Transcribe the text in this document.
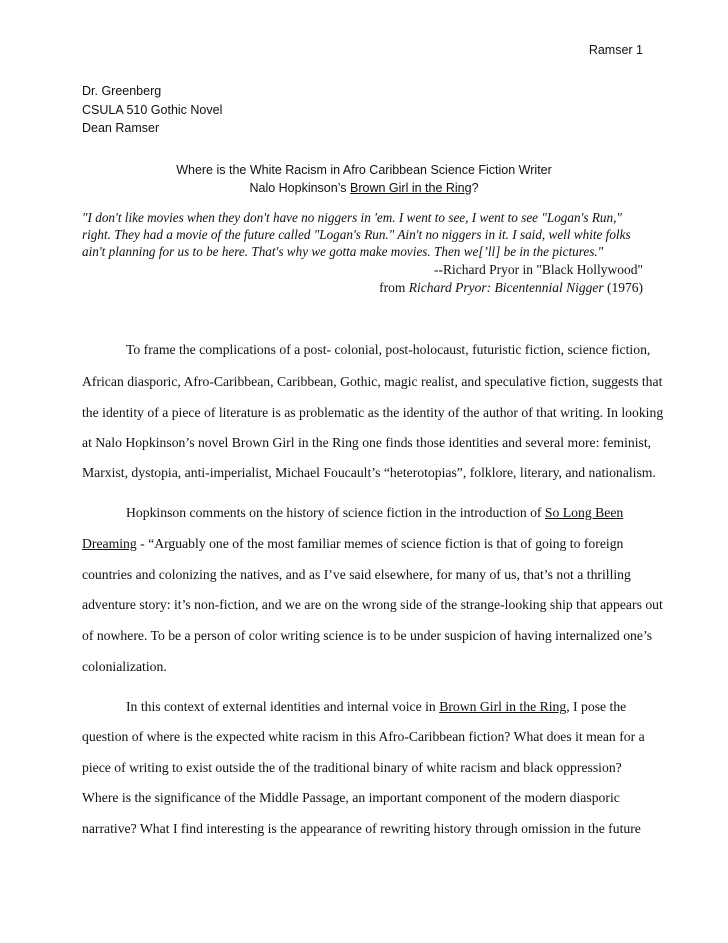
Ramser 1
Dr. Greenberg
CSULA 510 Gothic Novel
Dean Ramser
Where is the White Racism in Afro Caribbean Science Fiction Writer
Nalo Hopkinson’s Brown Girl in the Ring?
"I don't like movies when they don't have no niggers in 'em. I went to see, I went to see "Logan's Run,"
right. They had a movie of the future called "Logan's Run." Ain't no niggers in it. I said, well white folks
ain't planning for us to be here. That's why we gotta make movies. Then we[’ll] be in the pictures."
--Richard Pryor in "Black Hollywood"
from Richard Pryor: Bicentennial Nigger (1976)
To frame the complications of a post- colonial, post-holocaust, futuristic fiction, science fiction,
African diasporic, Afro-Caribbean, Caribbean, Gothic, magic realist, and speculative fiction, suggests that
the identity of a piece of literature is as problematic as the identity of the author of that writing. In looking
at Nalo Hopkinson’s novel Brown Girl in the Ring one finds those identities and several more: feminist,
Marxist, dystopia, anti-imperialist, Michael Foucault’s “heterotopias”, folklore, literary, and nationalism.
Hopkinson comments on the history of science fiction in the introduction of So Long Been
Dreaming - “Arguably one of the most familiar memes of science fiction is that of going to foreign
countries and colonizing the natives, and as I’ve said elsewhere, for many of us, that’s not a thrilling
adventure story: it’s non-fiction, and we are on the wrong side of the strange-looking ship that appears out
of nowhere. To be a person of color writing science is to be under suspicion of having internalized one’s
colonialization.
In this context of external identities and internal voice in Brown Girl in the Ring, I pose the
question of where is the expected white racism in this Afro-Caribbean fiction? What does it mean for a
piece of writing to exist outside the of the traditional binary of white racism and black oppression?
Where is the significance of the Middle Passage, an important component of the modern diasporic
narrative? What I find interesting is the appearance of rewriting history through omission in the future
